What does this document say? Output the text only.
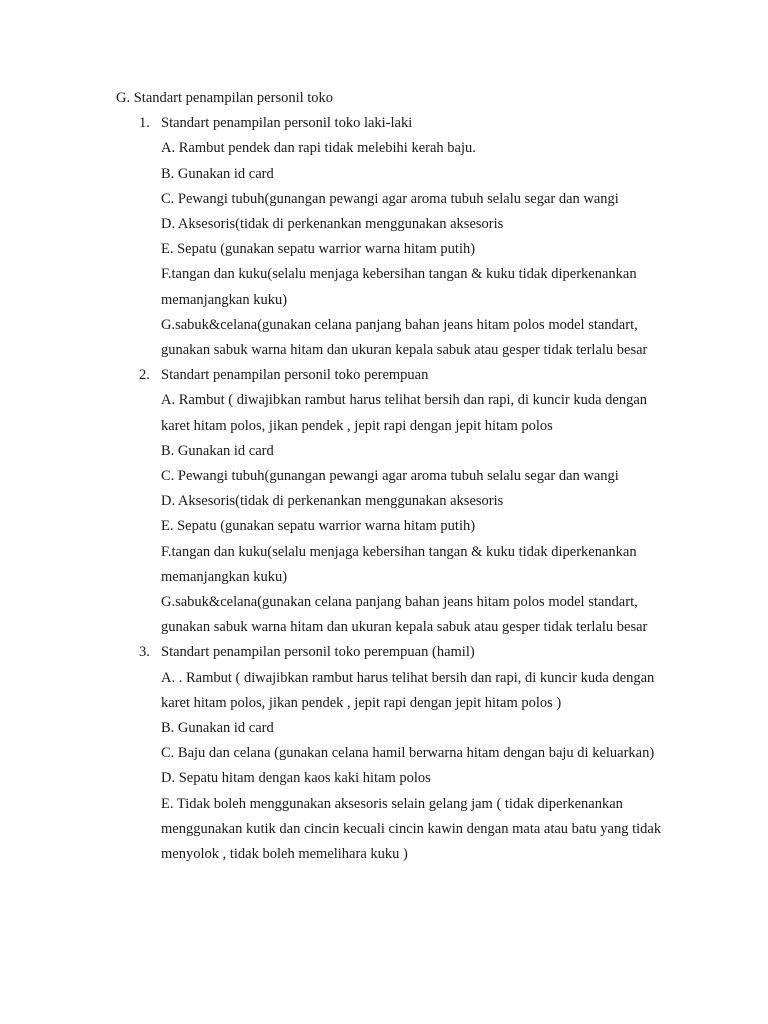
G. Standart penampilan personil toko

1. Standart penampilan personil toko laki-laki
A. Rambut pendek dan rapi tidak melebihi kerah baju.
B. Gunakan id card
C. Pewangi tubuh(gunangan pewangi agar aroma tubuh selalu segar dan wangi
D. Aksesoris(tidak di perkenankan menggunakan aksesoris
E. Sepatu (gunakan sepatu warrior warna hitam putih)
F.tangan dan kuku(selalu menjaga kebersihan tangan & kuku tidak diperkenankan memanjangkan kuku)
G.sabuk&celana(gunakan celana panjang bahan jeans hitam polos model standart, gunakan sabuk warna hitam dan ukuran kepala sabuk atau gesper tidak terlalu besar
2. Standart penampilan personil toko perempuan
A. Rambut ( diwajibkan rambut harus telihat bersih dan rapi, di kuncir kuda dengan karet hitam polos, jikan pendek , jepit rapi dengan jepit hitam polos
B. Gunakan id card
C. Pewangi tubuh(gunangan pewangi agar aroma tubuh selalu segar dan wangi
D. Aksesoris(tidak di perkenankan menggunakan aksesoris
E. Sepatu (gunakan sepatu warrior warna hitam putih)
F.tangan dan kuku(selalu menjaga kebersihan tangan & kuku tidak diperkenankan memanjangkan kuku)
G.sabuk&celana(gunakan celana panjang bahan jeans hitam polos model standart, gunakan sabuk warna hitam dan ukuran kepala sabuk atau gesper tidak terlalu besar
3. Standart penampilan personil toko perempuan (hamil)
A. . Rambut ( diwajibkan rambut harus telihat bersih dan rapi, di kuncir kuda dengan karet hitam polos, jikan pendek , jepit rapi dengan jepit hitam polos )
B. Gunakan id card
C. Baju dan celana (gunakan celana hamil berwarna hitam dengan baju di keluarkan)
D. Sepatu hitam dengan kaos kaki hitam polos
E. Tidak boleh menggunakan aksesoris selain gelang jam ( tidak diperkenankan menggunakan kutik dan cincin kecuali cincin kawin dengan mata atau batu yang tidak menyolok , tidak boleh memelihara kuku )
